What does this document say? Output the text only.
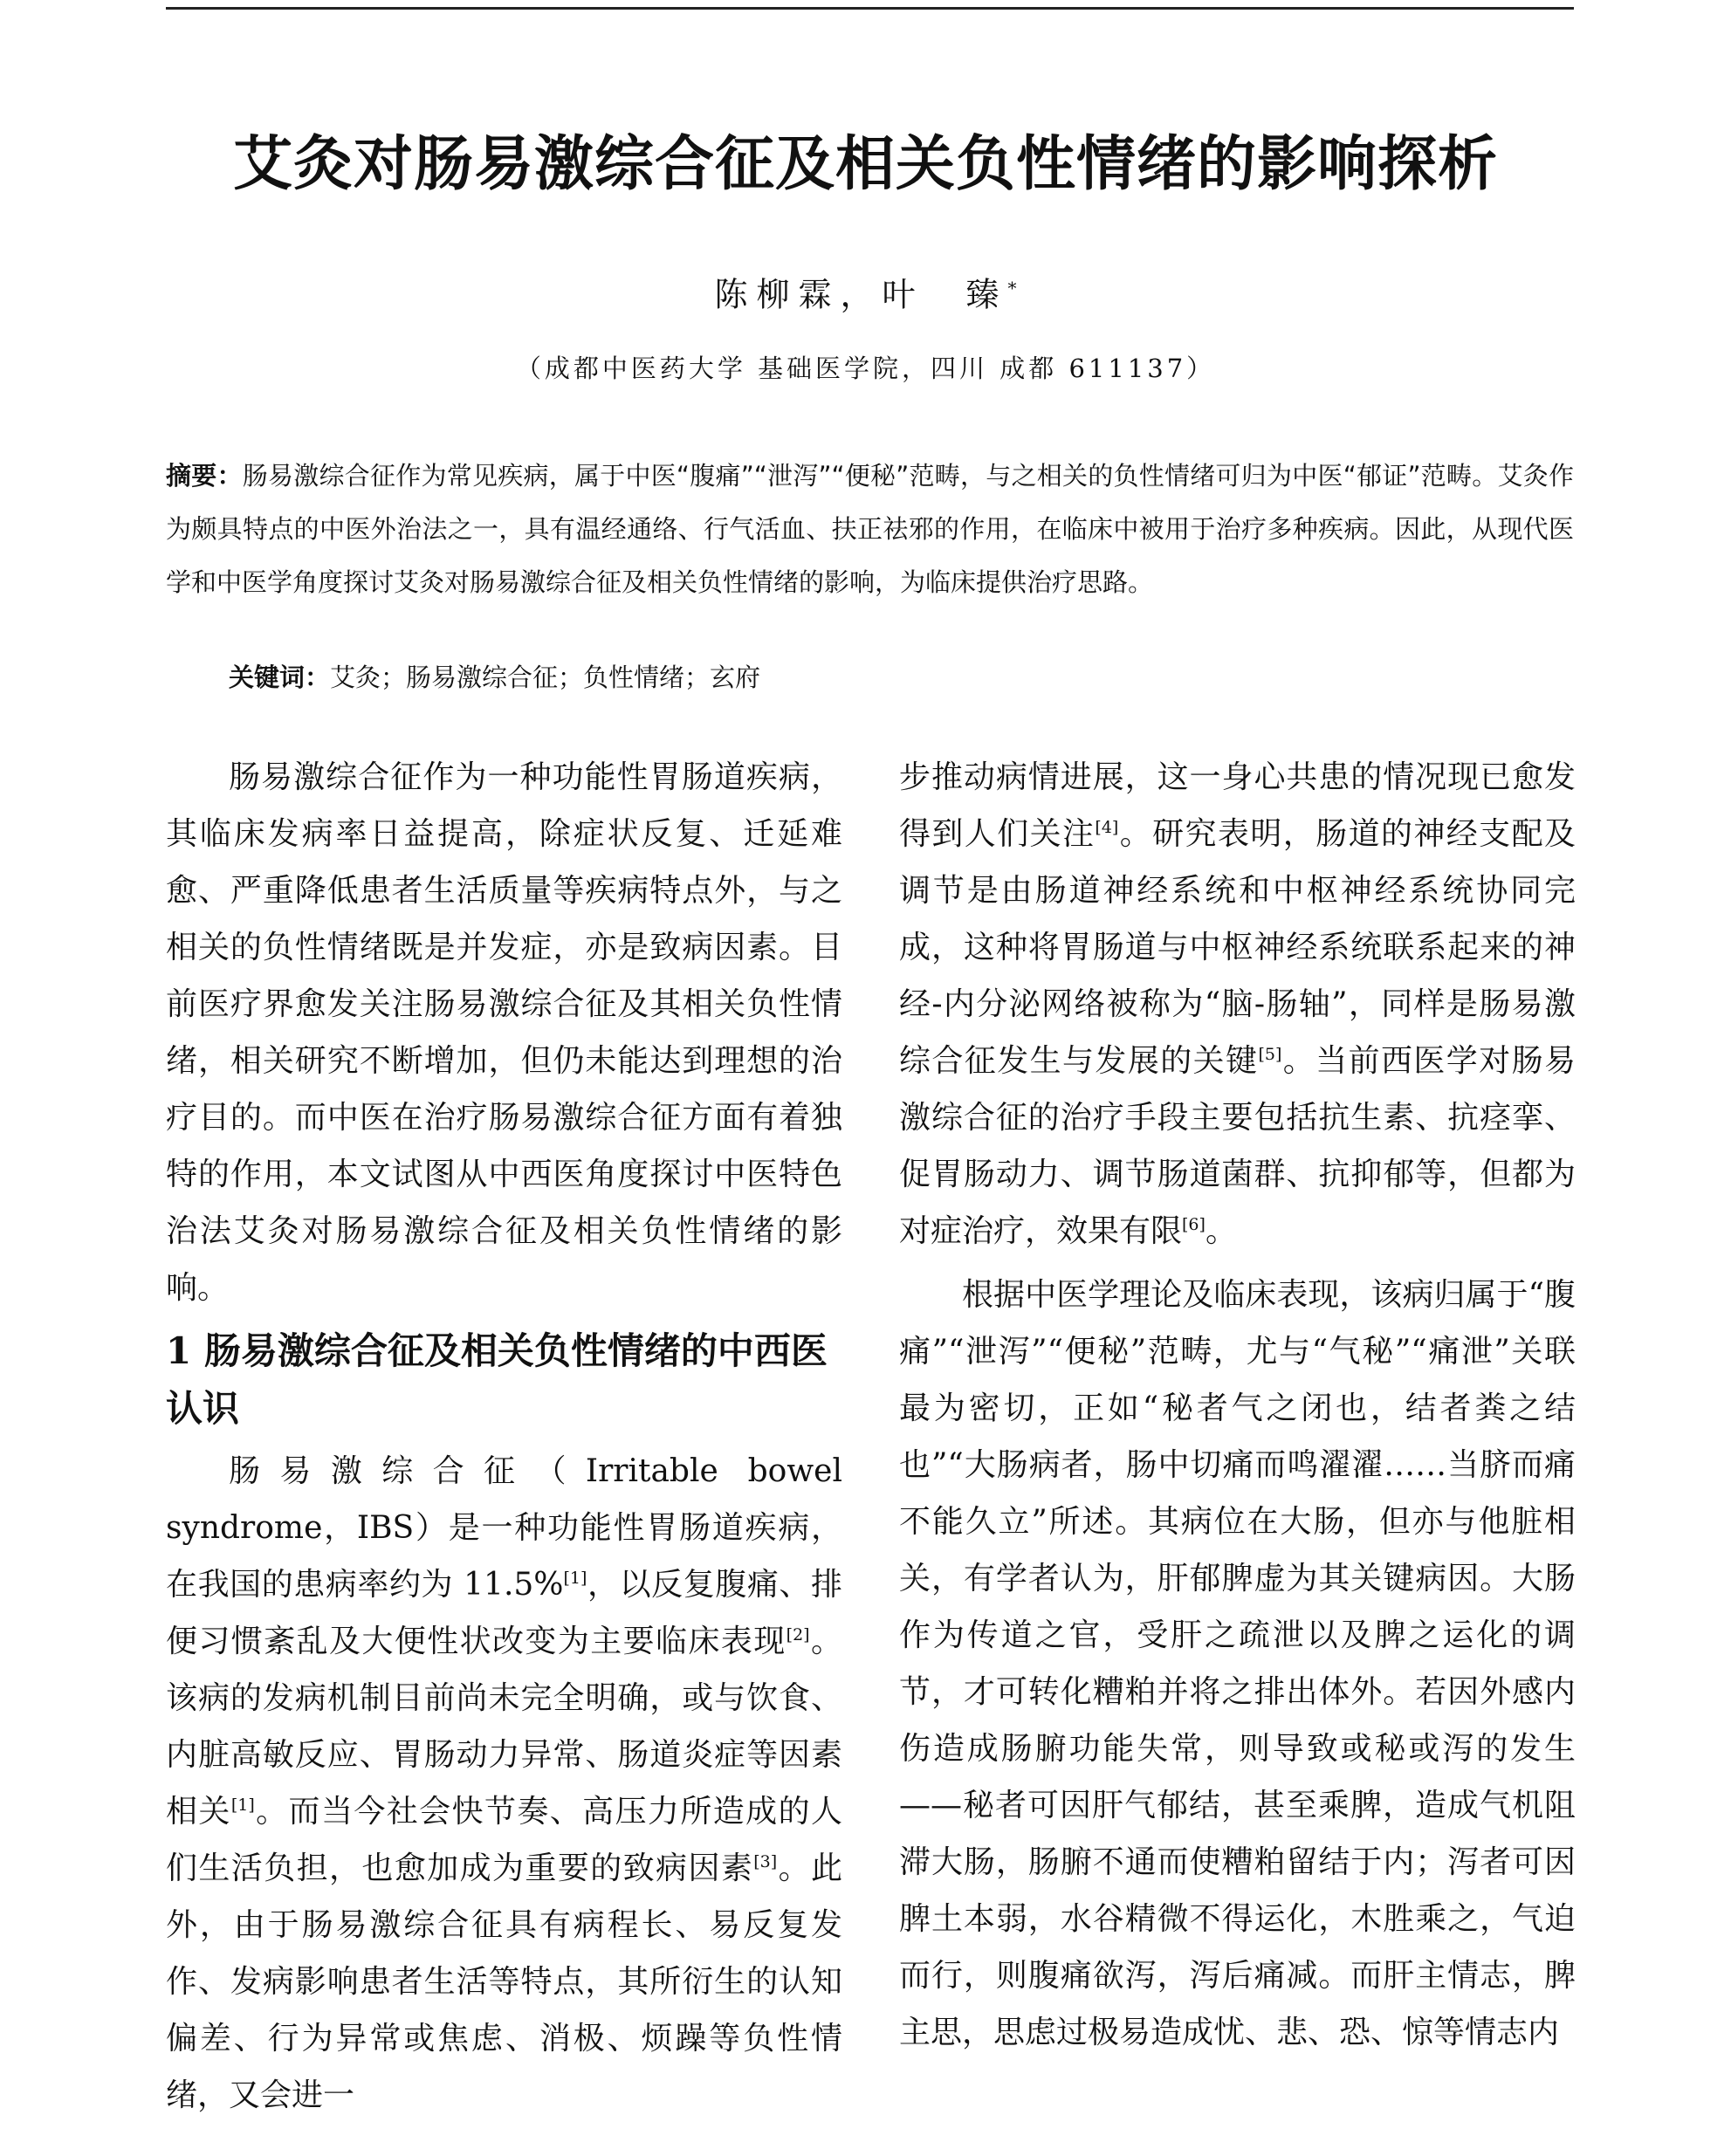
艾灸对肠易激综合征及相关负性情绪的影响探析
陈柳霖，叶　臻*
（成都中医药大学 基础医学院，四川 成都 611137）

摘要：肠易激综合征作为常见疾病，属于中医“腹痛”“泄泻”“便秘”范畴，与之相关的负性情绪可归为中医“郁证”范畴。艾灸作为颇具特点的中医外治法之一，具有温经通络、行气活血、扶正祛邪的作用，在临床中被用于治疗多种疾病。因此，从现代医学和中医学角度探讨艾灸对肠易激综合征及相关负性情绪的影响，为临床提供治疗思路。

关键词：艾灸；肠易激综合征；负性情绪；玄府

肠易激综合征作为一种功能性胃肠道疾病，其临床发病率日益提高，除症状反复、迁延难愈、严重降低患者生活质量等疾病特点外，与之相关的负性情绪既是并发症，亦是致病因素。目前医疗界愈发关注肠易激综合征及其相关负性情绪，相关研究不断增加，但仍未能达到理想的治疗目的。而中医在治疗肠易激综合征方面有着独特的作用，本文试图从中西医角度探讨中医特色治法艾灸对肠易激综合征及相关负性情绪的影响。

1 肠易激综合征及相关负性情绪的中西医认识

肠易激综合征（Irritable bowel syndrome，IBS）是一种功能性胃肠道疾病，在我国的患病率约为 11.5%[1]，以反复腹痛、排便习惯紊乱及大便性状改变为主要临床表现[2]。该病的发病机制目前尚未完全明确，或与饮食、内脏高敏反应、胃肠动力异常、肠道炎症等因素相关[1]。而当今社会快节奏、高压力所造成的人们生活负担，也愈加成为重要的致病因素[3]。此外，由于肠易激综合征具有病程长、易反复发作、发病影响患者生活等特点，其所衍生的认知偏差、行为异常或焦虑、消极、烦躁等负性情绪，又会进一

步推动病情进展，这一身心共患的情况现已愈发得到人们关注[4]。研究表明，肠道的神经支配及调节是由肠道神经系统和中枢神经系统协同完成，这种将胃肠道与中枢神经系统联系起来的神经-内分泌网络被称为“脑-肠轴”，同样是肠易激综合征发生与发展的关键[5]。当前西医学对肠易激综合征的治疗手段主要包括抗生素、抗痉挛、促胃肠动力、调节肠道菌群、抗抑郁等，但都为对症治疗，效果有限[6]。

根据中医学理论及临床表现，该病归属于“腹痛”“泄泻”“便秘”范畴，尤与“气秘”“痛泄”关联最为密切，正如“秘者气之闭也，结者粪之结也”“大肠病者，肠中切痛而鸣濯濯……当脐而痛不能久立”所述。其病位在大肠，但亦与他脏相关，有学者认为，肝郁脾虚为其关键病因。大肠作为传道之官，受肝之疏泄以及脾之运化的调节，才可转化糟粕并将之排出体外。若因外感内伤造成肠腑功能失常，则导致或秘或泻的发生——秘者可因肝气郁结，甚至乘脾，造成气机阻滞大肠，肠腑不通而使糟粕留结于内；泻者可因脾土本弱，水谷精微不得运化，木胜乘之，气迫而行，则腹痛欲泻，泻后痛减。而肝主情志，脾主思，思虑过极易造成忧、悲、恐、惊等情志内
